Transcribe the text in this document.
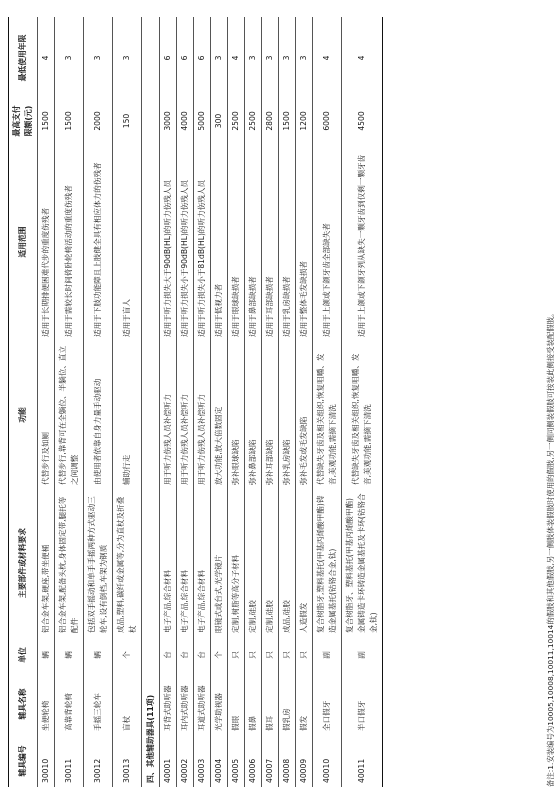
辅具编号
辅具名称
单位
主要部件或材料要求
功能
适用范围
最高支付限额(元)
最低使用年限
30010
坐便轮椅
辆
铝合金车架,硬座,带坐便桶
代替步行及如厕
适用于长期排便困难代步的重度伤残者
1500
4
30011
高靠背轮椅
辆
铝合金车架,配备头枕,身体固定带,腿托等配件
代替步行,靠背可在全躺位、半躺位、直立之间调整
适用于需较长时间倚卧轮椅活动的重度伤残者
1500
3
30012
手摇三轮车
辆
包括双手摇动和单手手摇两种方式驱动三轮车,设有倒档,车架为钢质
由使用者依靠自身力量手动驱动
适用于下肢功能障且上肢健全具有相应体力的伤残者
2000
3
30013
盲杖
个
成品,塑料,碳纤或金属等,分为直杖及折叠杖
辅助行走
适用于盲人
150
3
四、其他辅助器具(11项)	40001
耳背式助听器
台
电子产品,综合材料
用于听力伤残人员补偿听力
适用于听力损失大于90dB(HL)的听力伤残人员
3000
6
40002
耳内式助听器
台
电子产品,综合材料
用于听力伤残人员补偿听力
适用于听力损失小于90dB(HL)的听力伤残人员
4000
6
40003
耳道式助听器
台
电子产品,综合材料
用于听力伤残人员补偿听力
适用于听力损失小于81dB(HL)的听力伤残人员
5000
6
40004
光学助视器
个
眼镜式或台式,光学镜片
放大功能,放大倍数固定
适用于低视力者
300
3
40005
假眼
只
定制,树脂等高分子材料
弥补眼球缺陷
适用于眼球缺损者
2500
4
40006
假鼻
只
定制,硅胶
弥补鼻部缺陷
适用于鼻部缺损者
2500
3
40007
假耳
只
定制,硅胶
弥补耳部缺陷
适用于耳部缺损者
2800
3
40008
假乳房
只
成品,硅胶
弥补乳房缺陷
适用于乳房缺损者
1500
3
40009
假发
只
人造假发
弥补毛发或毛发缺陷
适用于整体毛发缺损者
1200
3
40010
全口假牙
副
复合树脂牙,塑料基托(甲基丙烯酸甲酯)铸造金属基托(钴铬合金,钛)
代替缺失牙齿及相关组织,恢复咀嚼、发音,美观功能,需摘下清洗
适用于上颌或下颌牙齿全部缺失者
6000
4
40011
半口假牙
副
复合树脂牙、塑料基托(甲基丙烯酸甲酯)金属铸造卡环铸造金属基托及卡环(钴铬合金,钛)
代替缺失牙齿及相关组织,恢复咀嚼、发音,美观功能,需摘下清洗
适用于上颌或下颌牙列从缺失一颗牙齿到仅剩一颗牙齿
4500
4
备注:1.安装编号为10005,10008,10011,10014的假肢和其他假肢,另一侧肢体装假肢时使用的假肢,另一侧同侧装假肢可按装此侧接受装配假肢。
